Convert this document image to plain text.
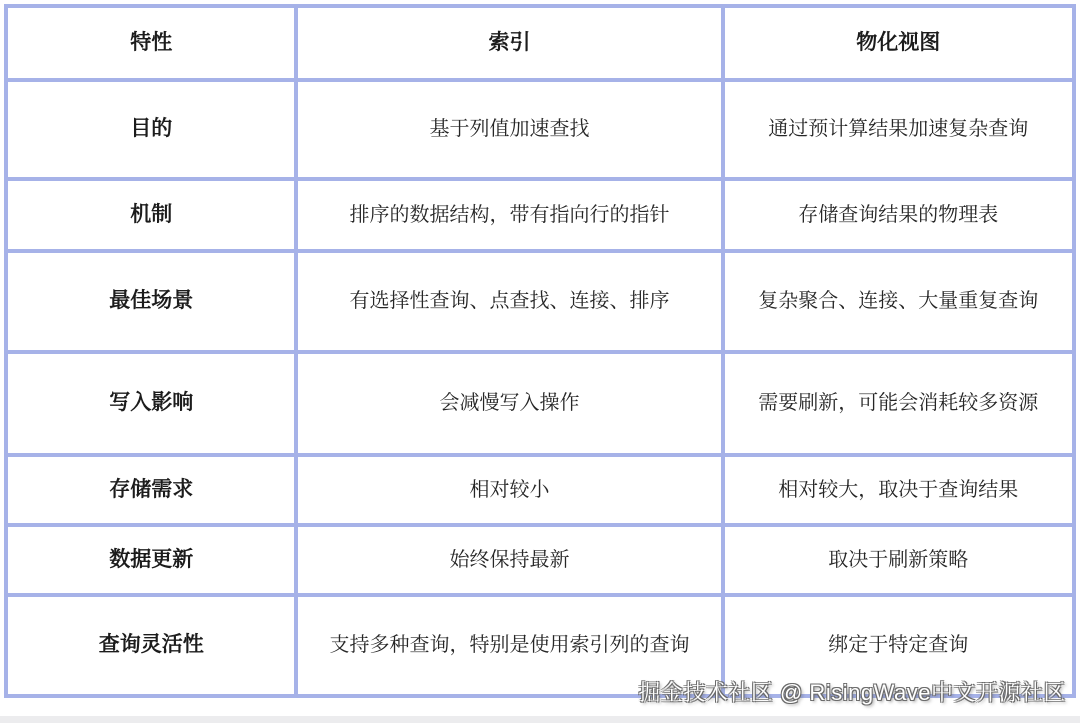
特性	索引	物化视图
目的	基于列值加速查找	通过预计算结果加速复杂查询
机制	排序的数据结构，带有指向行的指针	存储查询结果的物理表
最佳场景	有选择性查询、点查找、连接、排序	复杂聚合、连接、大量重复查询
写入影响	会减慢写入操作	需要刷新，可能会消耗较多资源
存储需求	相对较小	相对较大，取决于查询结果
数据更新	始终保持最新	取决于刷新策略
查询灵活性	支持多种查询，特别是使用索引列的查询	绑定于特定查询
掘金技术社区 @ RisingWave中文开源社区
